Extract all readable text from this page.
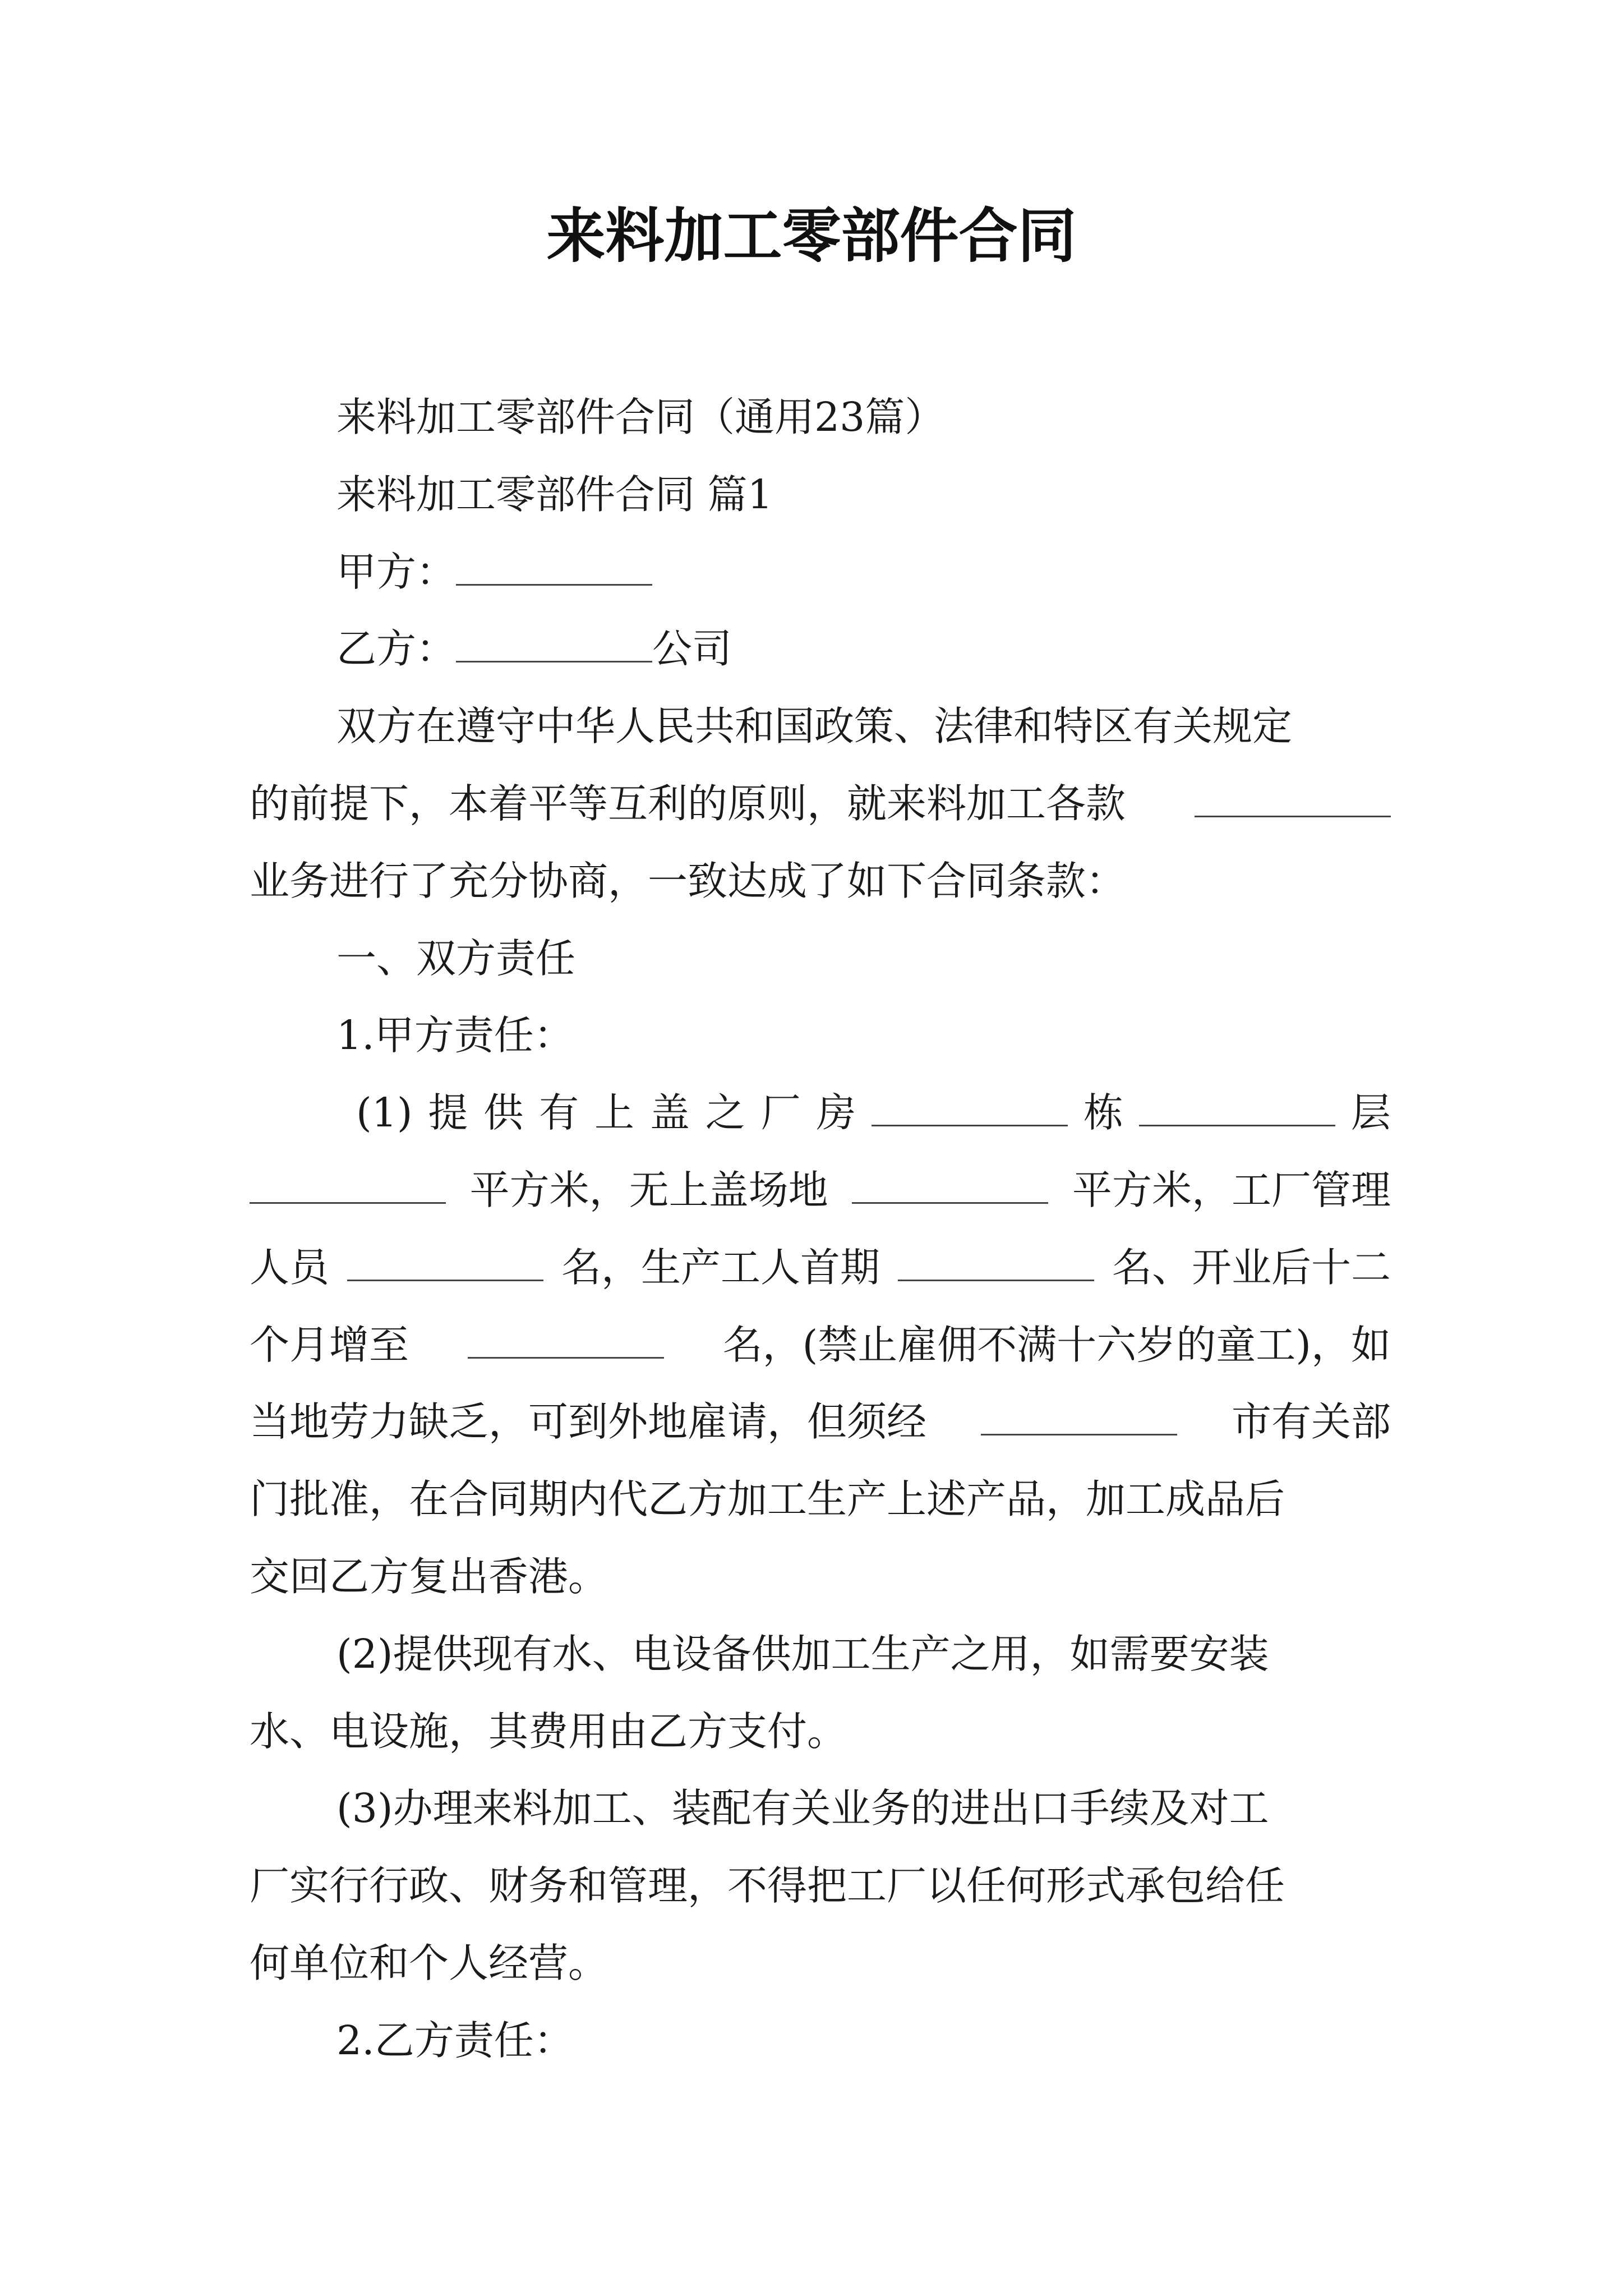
来料加工零部件合同
来料加工零部件合同（通用23篇）
来料加工零部件合同 篇1
甲方：
乙方：	公司
双方在遵守中华人民共和国政策、法律和特区有关规定
的前提下，本着平等互利的原则，就来料加工各款
业务进行了充分协商，一致达成了如下合同条款：
一、双方责任
1.甲方责任：
(1) 提 供 有 上 盖 之 厂 房	栋	层
平方米，无上盖场地	平方米，工厂管理
人员	名，生产工人首期	名、开业后十二
个月增至	名，(禁止雇佣不满十六岁的童工)，如
当地劳力缺乏，可到外地雇请，但须经	市有关部
门批准，在合同期内代乙方加工生产上述产品，加工成品后
交回乙方复出香港。
(2)提供现有水、电设备供加工生产之用，如需要安装
水、电设施，其费用由乙方支付。
(3)办理来料加工、装配有关业务的进出口手续及对工
厂实行行政、财务和管理，不得把工厂以任何形式承包给任
何单位和个人经营。
2.乙方责任：
